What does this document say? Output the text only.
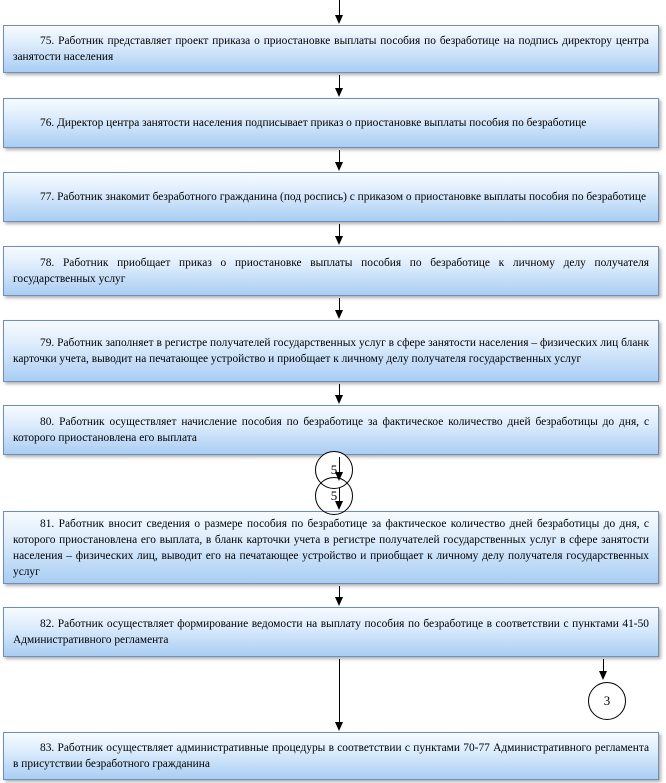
75. Работник представляет проект приказа о приостановке выплаты пособия по безработице на подпись директору центра занятости населения

76. Директор центра занятости населения подписывает приказ о приостановке выплаты пособия по безработице

77. Работник знакомит безработного гражданина (под роспись) с приказом о приостановке выплаты пособия по безработице

78. Работник приобщает приказ о приостановке выплаты пособия по безработице к личному делу получателя государственных услуг

79. Работник заполняет в регистре получателей государственных услуг в сфере занятости населения – физических лиц бланк карточки учета, выводит на печатающее устройство и приобщает к личному делу получателя государственных услуг

80. Работник осуществляет начисление пособия по безработице за фактическое количество дней безработицы до дня, с которого приостановлена его выплата

81. Работник вносит сведения о размере пособия по безработице за фактическое количество дней безработицы до дня, с которого приостановлена его выплата, в бланк карточки учета в регистре получателей государственных услуг в сфере занятости населения – физических лиц, выводит его на печатающее устройство и приобщает к личному делу получателя государственных услуг

82. Работник осуществляет формирование ведомости на выплату пособия по безработице в соответствии с пунктами 41-50 Административного регламента

83. Работник осуществляет административные процедуры в соответствии с пунктами 70-77 Административного регламента в присутствии безработного гражданина

5
5
3
